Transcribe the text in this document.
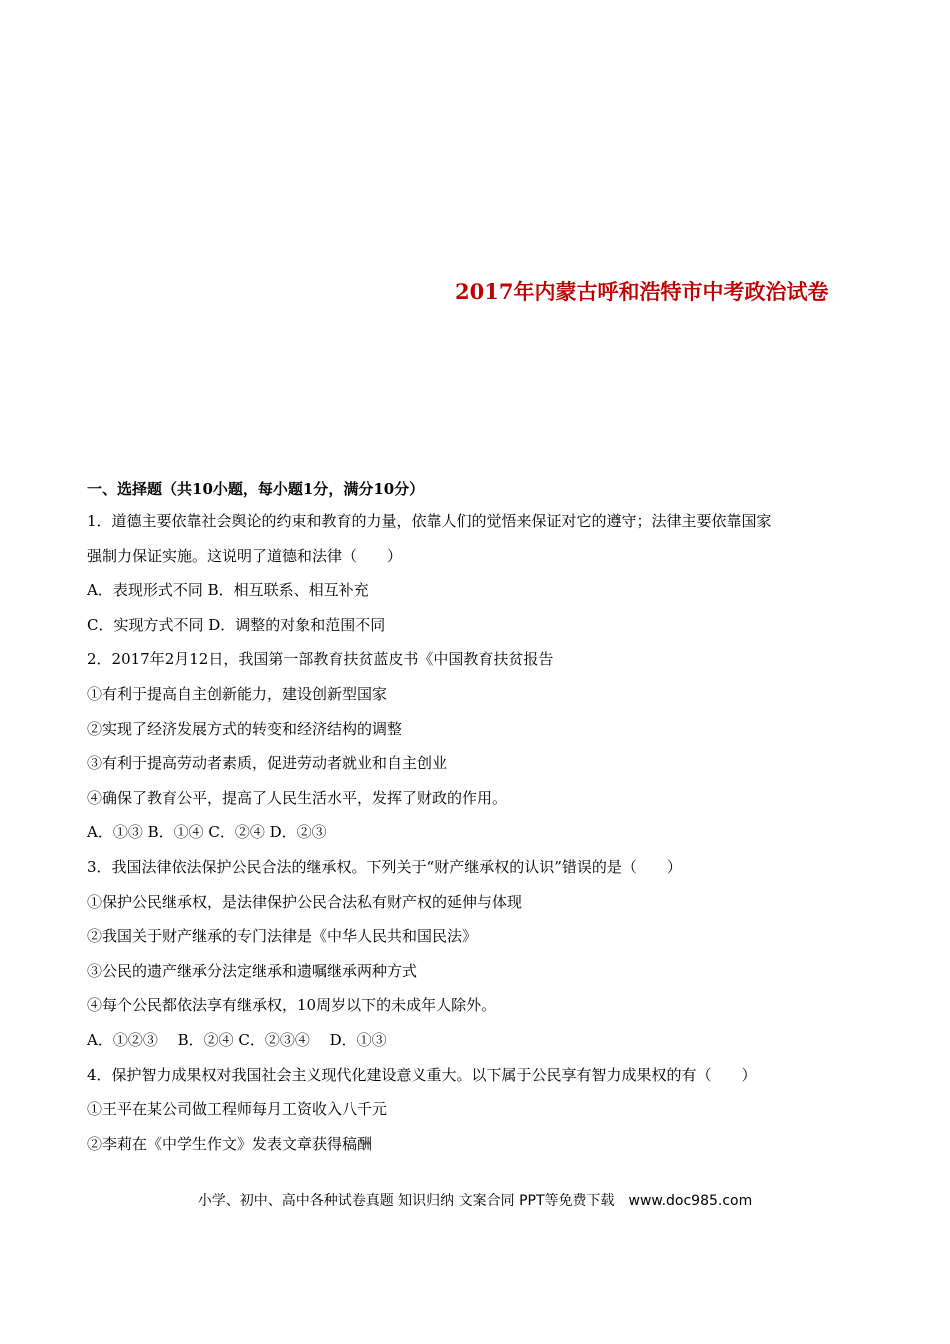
2017年内蒙古呼和浩特市中考政治试卷
一、选择题（共10小题，每小题1分，满分10分）
1．道德主要依靠社会舆论的约束和教育的力量，依靠人们的觉悟来保证对它的遵守；法律主要依靠国家
强制力保证实施。这说明了道德和法律（　　）
A．表现形式不同 B．相互联系、相互补充
C．实现方式不同 D．调整的对象和范围不同
2．2017年2月12日，我国第一部教育扶贫蓝皮书《中国教育扶贫报告
①有利于提高自主创新能力，建设创新型国家
②实现了经济发展方式的转变和经济结构的调整
③有利于提高劳动者素质，促进劳动者就业和自主创业
④确保了教育公平，提高了人民生活水平，发挥了财政的作用。
A．①③ B．①④ C．②④ D．②③
3．我国法律依法保护公民合法的继承权。下列关于“财产继承权的认识”错误的是（　　）
①保护公民继承权，是法律保护公民合法私有财产权的延伸与体现
②我国关于财产继承的专门法律是《中华人民共和国民法》
③公民的遗产继承分法定继承和遗嘱继承两种方式
④每个公民都依法享有继承权，10周岁以下的未成年人除外。
A．①②③　 B．②④ C．②③④　 D．①③
4．保护智力成果权对我国社会主义现代化建设意义重大。以下属于公民享有智力成果权的有（　　）
①王平在某公司做工程师每月工资收入八千元
②李莉在《中学生作文》发表文章获得稿酬
小学、初中、高中各种试卷真题 知识归纳 文案合同 PPT等免费下载　www.doc985.com
